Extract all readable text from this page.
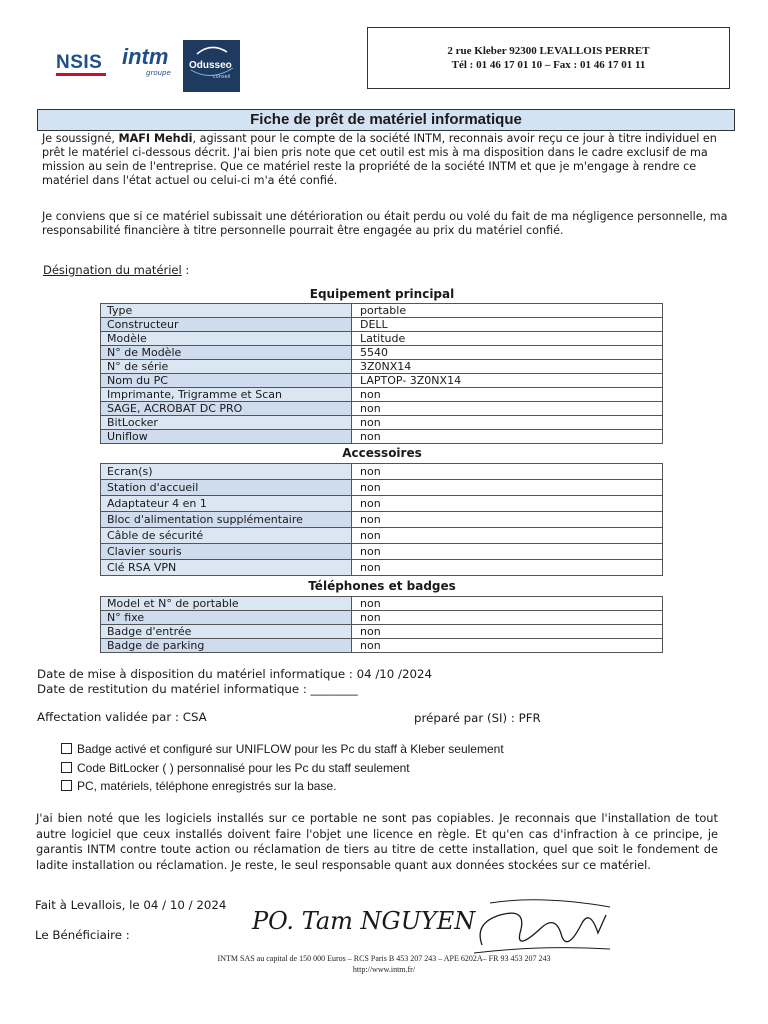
NSIS intm
groupe
Odusseo
conseil
2 rue Kleber 92300 LEVALLOIS PERRET
Tél : 01 46 17 01 10 – Fax : 01 46 17 01 11
Fiche de prêt de matériel informatique
Je soussigné, MAFI Mehdi, agissant pour le compte de la société INTM, reconnais avoir reçu ce jour à titre individuel en prêt le matériel ci-dessous décrit. J'ai bien pris note que cet outil est mis à ma disposition dans le cadre exclusif de ma mission au sein de l'entreprise. Que ce matériel reste la propriété de la société INTM et que je m'engage à rendre ce matériel dans l'état actuel ou celui-ci m'a été confié.
Je conviens que si ce matériel subissait une détérioration ou était perdu ou volé du fait de ma négligence personnelle, ma responsabilité financière à titre personnelle pourrait être engagée au prix du matériel confié.
Désignation du matériel :
Equipement principal
Type	portable
Constructeur	DELL
Modèle	Latitude
N° de Modèle	5540
N° de série	3Z0NX14
Nom du PC	LAPTOP- 3Z0NX14
Imprimante, Trigramme et Scan	non
SAGE, ACROBAT DC PRO	non
BitLocker	non
Uniflow	non
Accessoires
Ecran(s)	non
Station d'accueil	non
Adaptateur 4 en 1	non
Bloc d'alimentation supplémentaire	non
Câble de sécurité	non
Clavier souris	non
Clé RSA VPN	non
Téléphones et badges
Model et N° de portable	non
N° fixe	non
Badge d'entrée	non
Badge de parking	non
Date de mise à disposition du matériel informatique : 04 /10 /2024
Date de restitution du matériel informatique : ________
Affectation validée par : CSA	préparé par (SI) : PFR
Badge activé et configuré sur UNIFLOW pour les Pc du staff à Kleber seulement
Code BitLocker ( ) personnalisé pour les Pc du staff seulement
PC, matériels, téléphone enregistrés sur la base.
J'ai bien noté que les logiciels installés sur ce portable ne sont pas copiables. Je reconnais que l'installation de tout autre logiciel que ceux installés doivent faire l'objet une licence en règle. Et qu'en cas d'infraction à ce principe, je garantis INTM contre toute action ou réclamation de tiers au titre de cette installation, quel que soit le fondement de ladite installation ou réclamation. Je reste, le seul responsable quant aux données stockées sur ce matériel.
Fait à Levallois, le 04 / 10 / 2024
Le Bénéficiaire :	PO. Tam NGUYEN
INTM SAS au capital de 150 000 Euros – RCS Paris B 453 207 243 – APE 6202A– FR 93 453 207 243
http://www.intm.fr/
